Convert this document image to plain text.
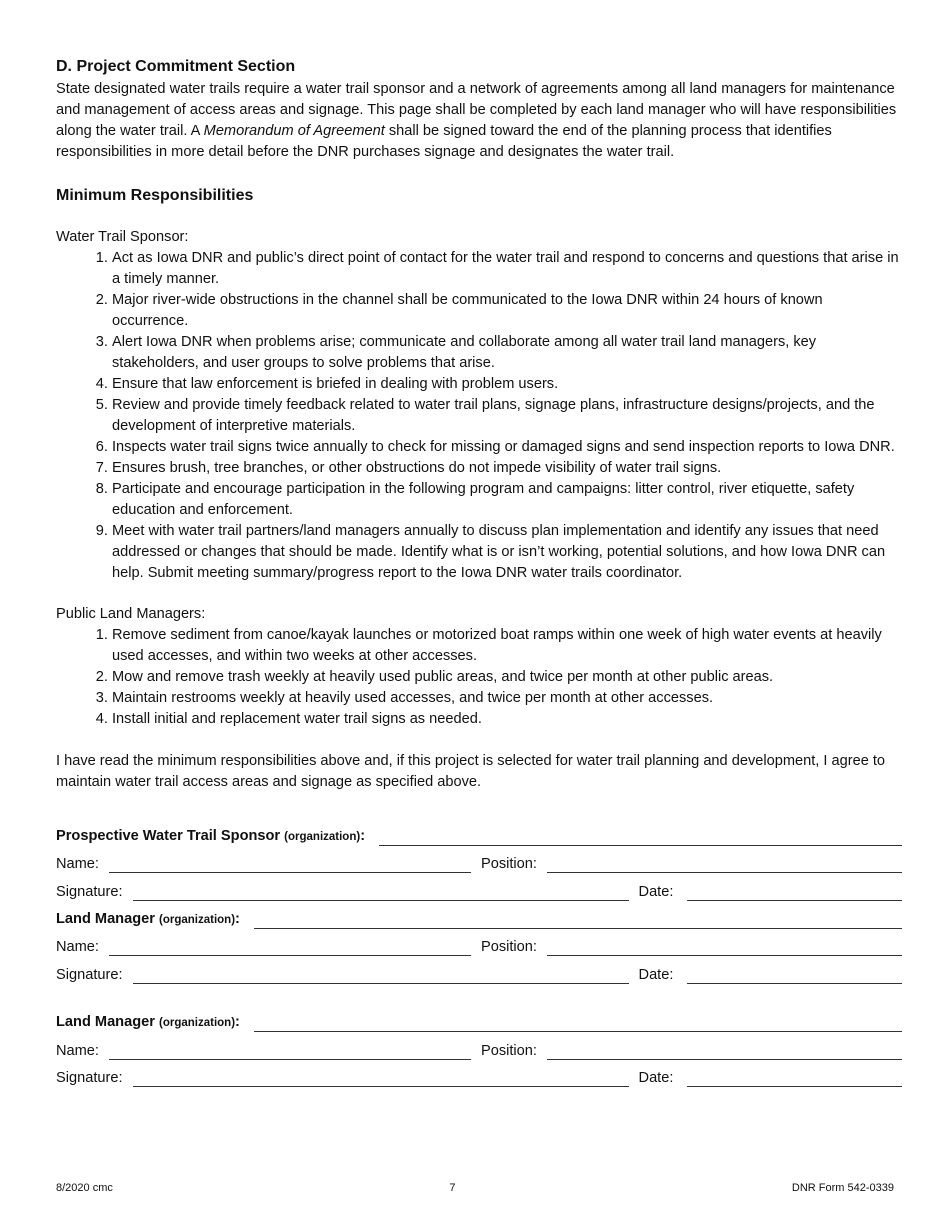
D. Project Commitment Section

State designated water trails require a water trail sponsor and a network of agreements among all land managers for maintenance and management of access areas and signage. This page shall be completed by each land manager who will have responsibilities along the water trail. A Memorandum of Agreement shall be signed toward the end of the planning process that identifies responsibilities in more detail before the DNR purchases signage and designates the water trail.

Minimum Responsibilities
Water Trail Sponsor:
1. Act as Iowa DNR and public’s direct point of contact for the water trail and respond to concerns and questions that arise in a timely manner.
2. Major river-wide obstructions in the channel shall be communicated to the Iowa DNR within 24 hours of known occurrence.
3. Alert Iowa DNR when problems arise; communicate and collaborate among all water trail land managers, key stakeholders, and user groups to solve problems that arise.
4. Ensure that law enforcement is briefed in dealing with problem users.
5. Review and provide timely feedback related to water trail plans, signage plans, infrastructure designs/projects, and the development of interpretive materials.
6. Inspects water trail signs twice annually to check for missing or damaged signs and send inspection reports to Iowa DNR.
7. Ensures brush, tree branches, or other obstructions do not impede visibility of water trail signs.
8. Participate and encourage participation in the following program and campaigns: litter control, river etiquette, safety education and enforcement.
9. Meet with water trail partners/land managers annually to discuss plan implementation and identify any issues that need addressed or changes that should be made. Identify what is or isn’t working, potential solutions, and how Iowa DNR can help. Submit meeting summary/progress report to the Iowa DNR water trails coordinator.
Public Land Managers:
1. Remove sediment from canoe/kayak launches or motorized boat ramps within one week of high water events at heavily used accesses, and within two weeks at other accesses.
2. Mow and remove trash weekly at heavily used public areas, and twice per month at other public areas.
3. Maintain restrooms weekly at heavily used accesses, and twice per month at other accesses.
4. Install initial and replacement water trail signs as needed.

I have read the minimum responsibilities above and, if this project is selected for water trail planning and development, I agree to maintain water trail access areas and signage as specified above.

Prospective Water Trail Sponsor (organization):
Name:	Position:
Signature:	Date:
Land Manager (organization):
Name:	Position:
Signature:	Date:
Land Manager (organization):
Name:	Position:
Signature:	Date:
8/2020 cmc	7	DNR Form 542-0339
